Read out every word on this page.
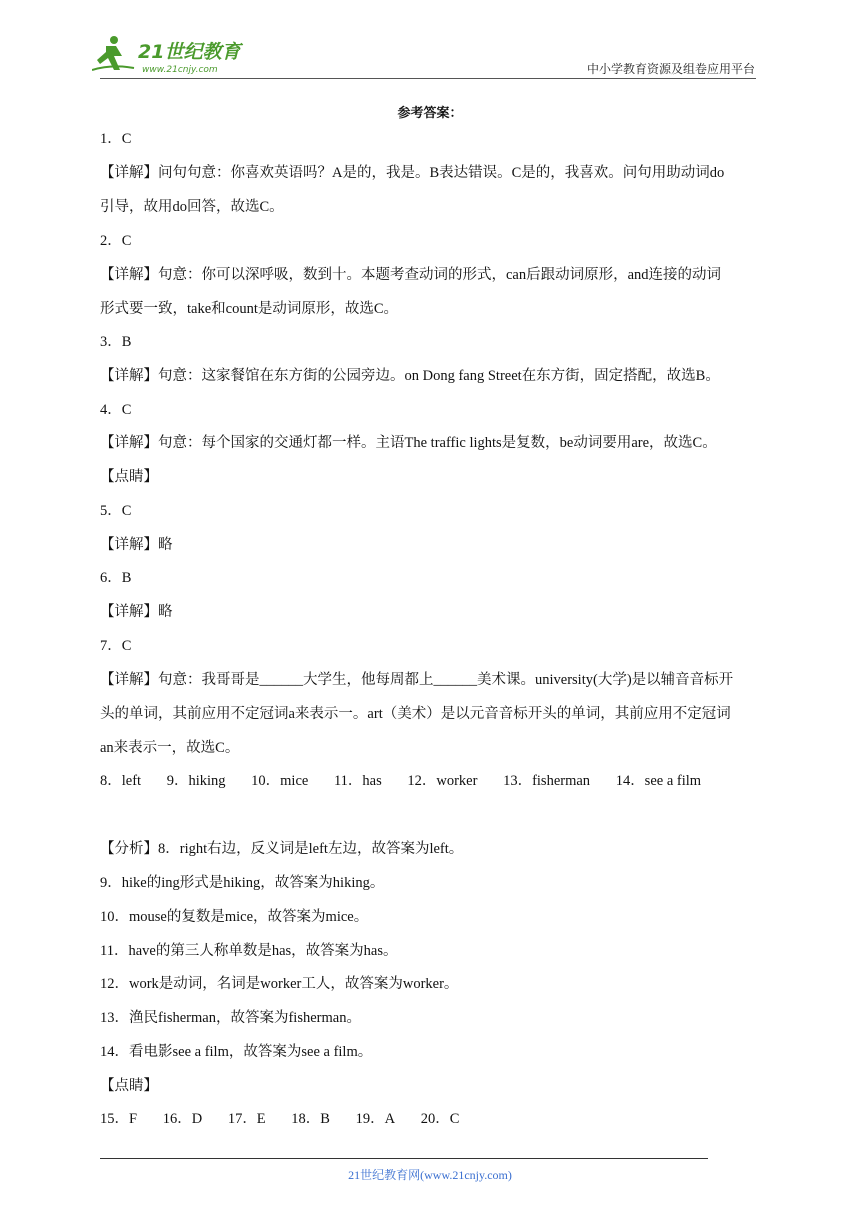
21世纪教育
www.21cnjy.com	中小学教育资源及组卷应用平台
参考答案：
1．C
【详解】问句句意：你喜欢英语吗？A是的，我是。B表达错误。C是的，我喜欢。问句用助动词do
引导，故用do回答，故选C。
2．C
【详解】句意：你可以深呼吸，数到十。本题考查动词的形式，can后跟动词原形，and连接的动词
形式要一致，take和count是动词原形，故选C。
3．B
【详解】句意：这家餐馆在东方街的公园旁边。on Dong fang Street在东方街，固定搭配，故选B。
4．C
【详解】句意：每个国家的交通灯都一样。主语The traffic lights是复数，be动词要用are，故选C。
【点睛】
5．C
【详解】略
6．B
【详解】略
7．C
【详解】句意：我哥哥是______大学生，他每周都上______美术课。university(大学)是以辅音音标开
头的单词，其前应用不定冠词a来表示一。art（美术）是以元音音标开头的单词，其前应用不定冠词
an来表示一，故选C。
8．left 9．hiking 10．mice 11．has 12．worker 13．fisherman 14．see a film
【分析】8．right右边，反义词是left左边，故答案为left。
9．hike的ing形式是hiking，故答案为hiking。
10．mouse的复数是mice，故答案为mice。
11．have的第三人称单数是has，故答案为has。
12．work是动词，名词是worker工人，故答案为worker。
13．渔民fisherman，故答案为fisherman。
14．看电影see a film，故答案为see a film。
【点睛】
15．F 16．D 17．E 18．B 19．A 20．C
21世纪教育网(www.21cnjy.com)
